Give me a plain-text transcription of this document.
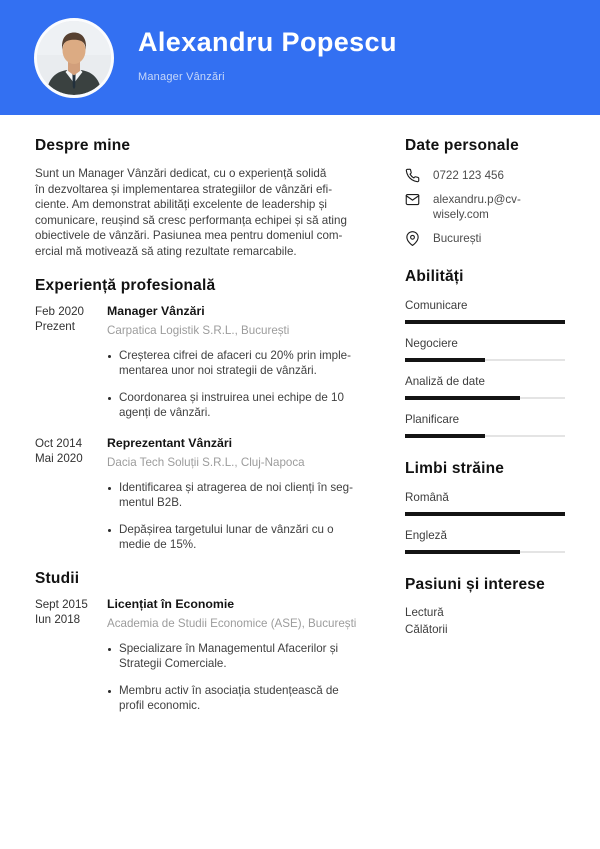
Alexandru Popescu
Manager Vânzări
Despre mine
Sunt un Manager Vânzări dedicat, cu o experiență solidă
în dezvoltarea și implementarea strategiilor de vânzări efi-
ciente. Am demonstrat abilități excelente de leadership și
comunicare, reușind să cresc performanța echipei și să ating
obiectivele de vânzări. Pasiunea mea pentru domeniul com-
ercial mă motivează să ating rezultate remarcabile.
Experiență profesională
Feb 2020
Prezent
Manager Vânzări
Carpatica Logistik S.R.L., București
Creșterea cifrei de afaceri cu 20% prin imple-
mentarea unor noi strategii de vânzări.
Coordonarea și instruirea unei echipe de 10
agenți de vânzări.
Oct 2014
Mai 2020
Reprezentant Vânzări
Dacia Tech Soluții S.R.L., Cluj-Napoca
Identificarea și atragerea de noi clienți în seg-
mentul B2B.
Depășirea targetului lunar de vânzări cu o
medie de 15%.
Studii
Sept 2015
Iun 2018
Licențiat în Economie
Academia de Studii Economice (ASE), București
Specializare în Managementul Afacerilor și
Strategii Comerciale.
Membru activ în asociația studențească de
profil economic.
Date personale
0722 123 456
alexandru.p@cv-
wisely.com
București
Abilități
Comunicare
Negociere
Analiză de date
Planificare
Limbi străine
Română
Engleză
Pasiuni și interese
Lectură
Călătorii
